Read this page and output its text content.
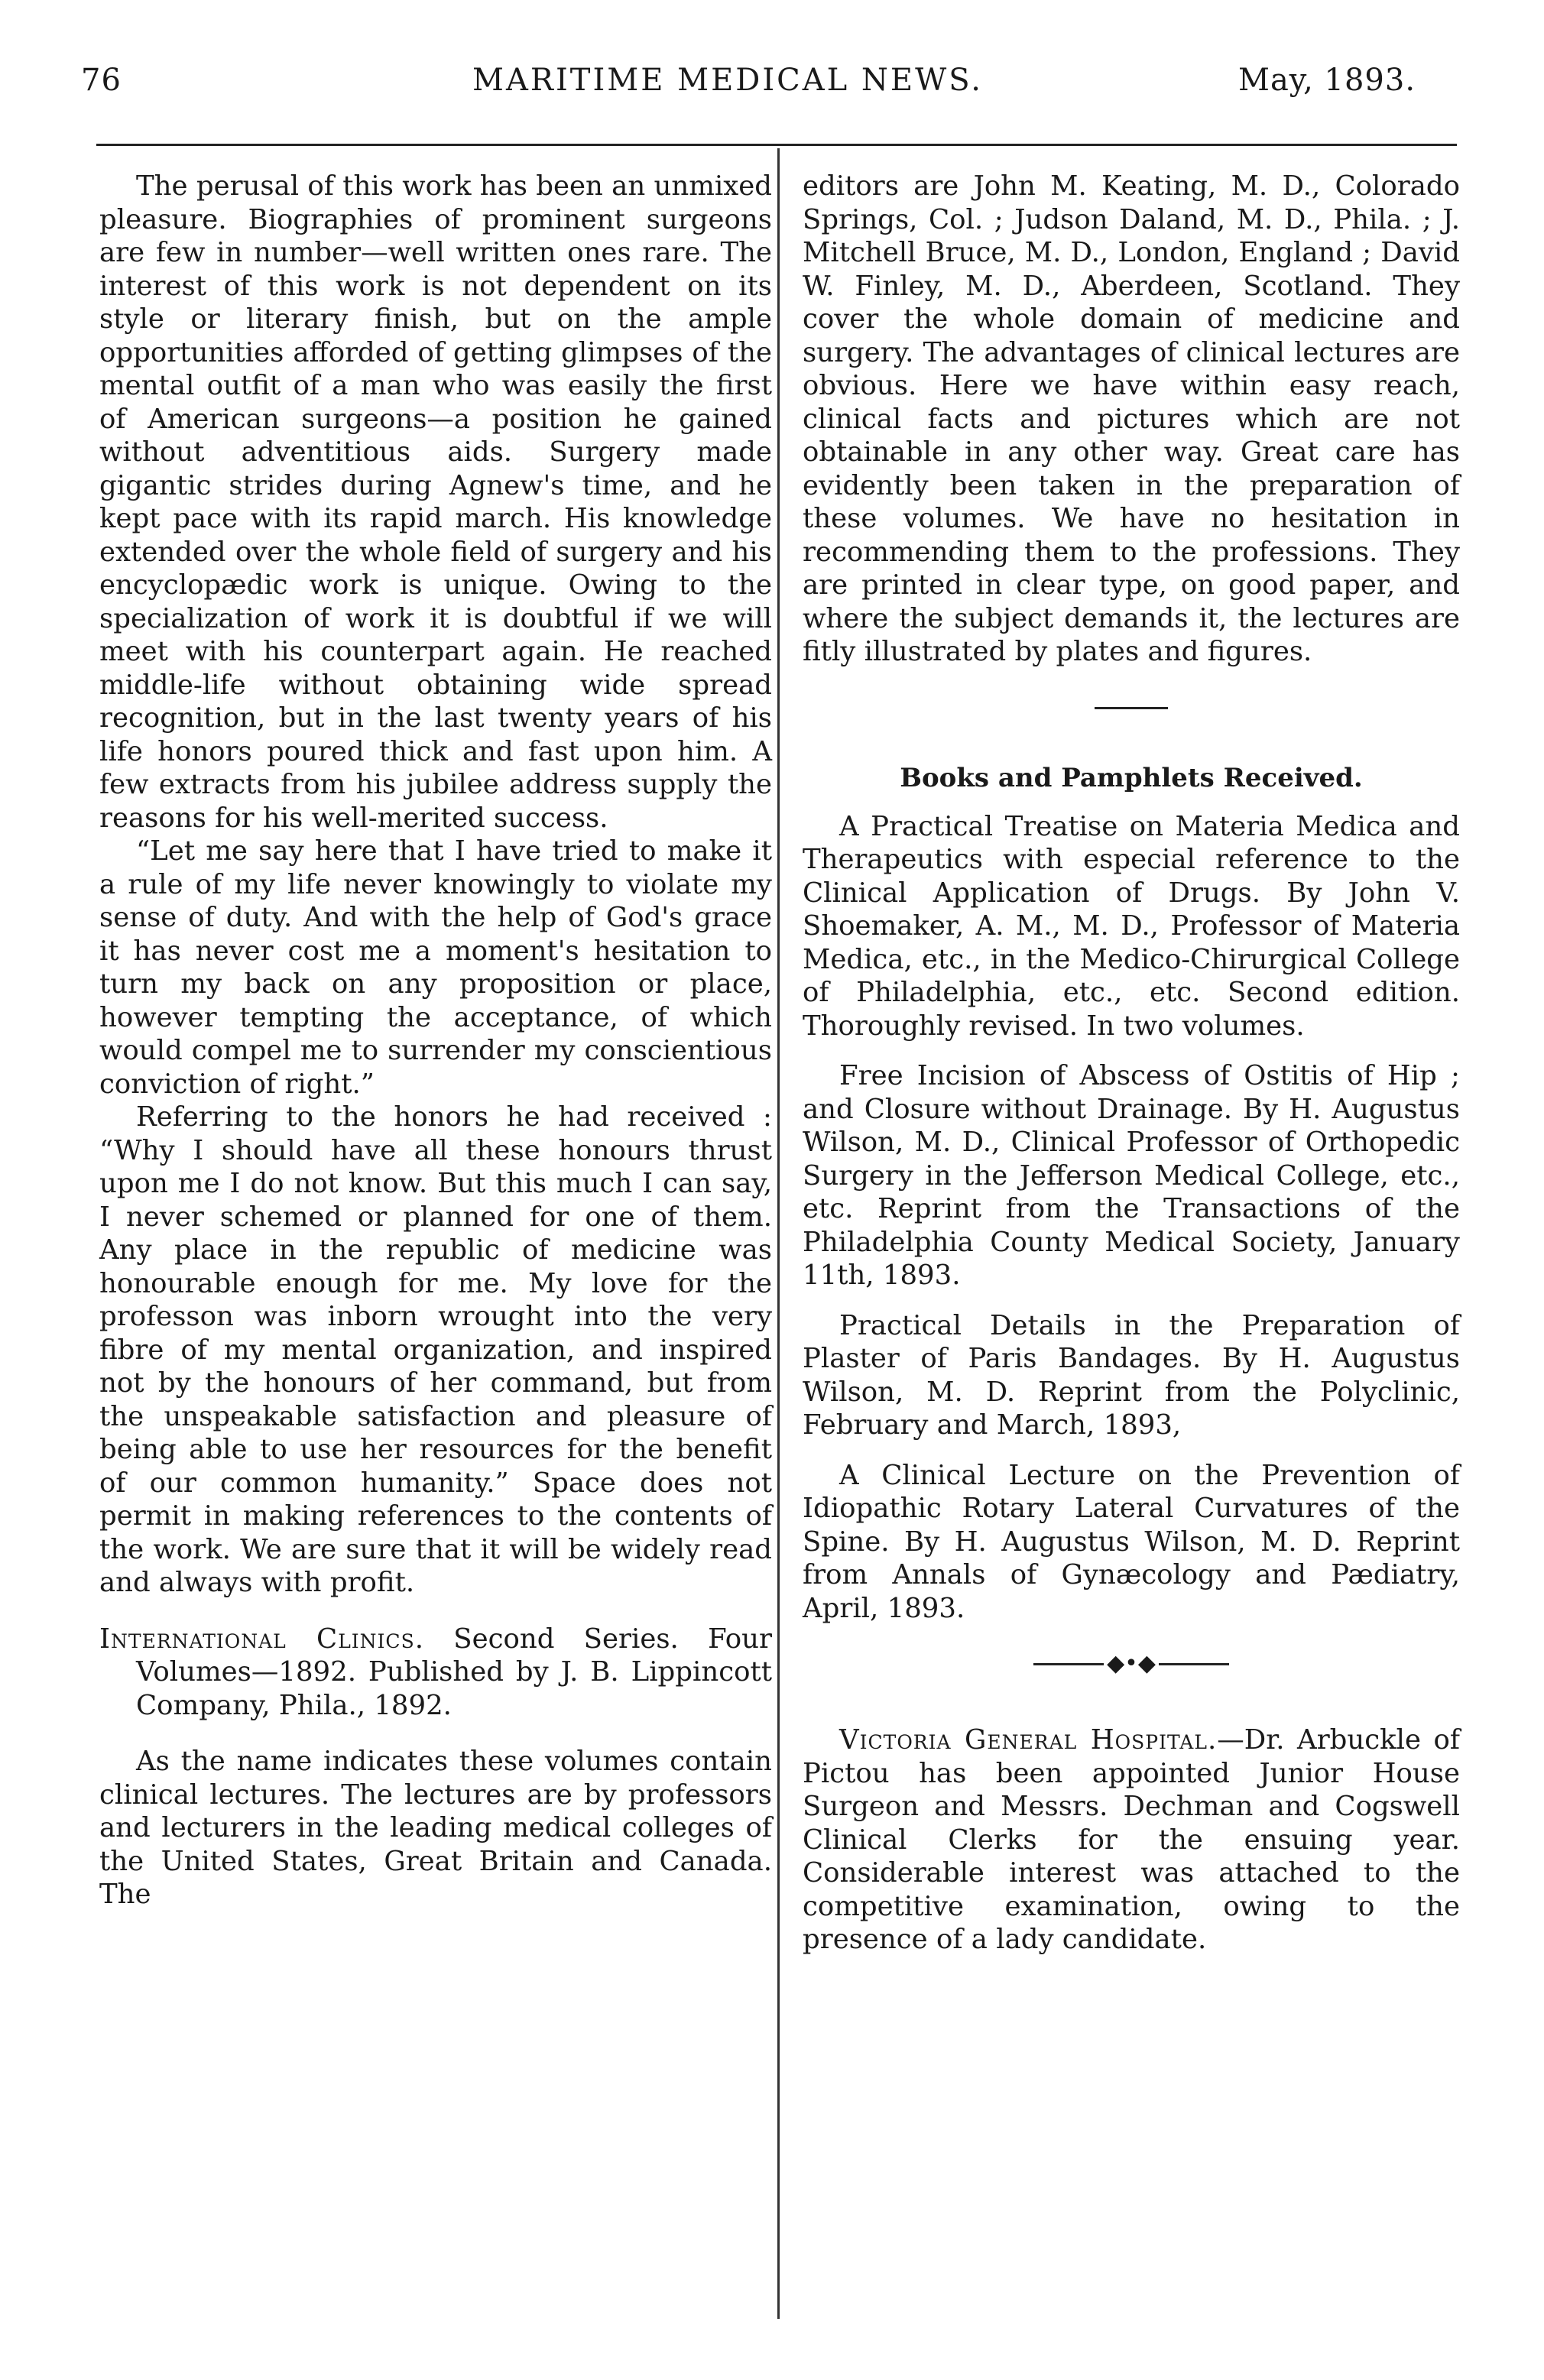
76	MARITIME MEDICAL NEWS.	May, 1893.

The perusal of this work has been an unmixed pleasure. Biographies of prominent surgeons are few in number—well written ones rare. The interest of this work is not dependent on its style or literary finish, but on the ample opportunities afforded of getting glimpses of the mental outfit of a man who was easily the first of American surgeons—a position he gained without adventitious aids. Surgery made gigantic strides during Agnew's time, and he kept pace with its rapid march. His knowledge extended over the whole field of surgery and his encyclopædic work is unique. Owing to the specialization of work it is doubtful if we will meet with his counterpart again. He reached middle-life without obtaining wide spread recognition, but in the last twenty years of his life honors poured thick and fast upon him. A few extracts from his jubilee address supply the reasons for his well-merited success.

“Let me say here that I have tried to make it a rule of my life never knowingly to violate my sense of duty. And with the help of God's grace it has never cost me a moment's hesitation to turn my back on any proposition or place, however tempting the acceptance, of which would compel me to surrender my conscientious conviction of right.”

Referring to the honors he had received : “Why I should have all these honours thrust upon me I do not know. But this much I can say, I never schemed or planned for one of them. Any place in the republic of medicine was honourable enough for me. My love for the professon was inborn wrought into the very fibre of my mental organization, and inspired not by the honours of her command, but from the unspeakable satisfaction and pleasure of being able to use her resources for the benefit of our common humanity.” Space does not permit in making references to the contents of the work. We are sure that it will be widely read and always with profit.

International Clinics. Second Series. Four Volumes—1892. Published by J. B. Lippincott Company, Phila., 1892.

As the name indicates these volumes contain clinical lectures. The lectures are by professors and lecturers in the leading medical colleges of the United States, Great Britain and Canada. The

editors are John M. Keating, M. D., Colorado Springs, Col. ; Judson Daland, M. D., Phila. ; J. Mitchell Bruce, M. D., London, England ; David W. Finley, M. D., Aberdeen, Scotland. They cover the whole domain of medicine and surgery. The advantages of clinical lectures are obvious. Here we have within easy reach, clinical facts and pictures which are not obtainable in any other way. Great care has evidently been taken in the preparation of these volumes. We have no hesitation in recommending them to the professions. They are printed in clear type, on good paper, and where the subject demands it, the lectures are fitly illustrated by plates and figures.

Books and Pamphlets Received.

A Practical Treatise on Materia Medica and Therapeutics with especial reference to the Clinical Application of Drugs. By John V. Shoemaker, A. M., M. D., Professor of Materia Medica, etc., in the Medico-Chirurgical College of Philadelphia, etc., etc. Second edition. Thoroughly revised. In two volumes.

Free Incision of Abscess of Ostitis of Hip ; and Closure without Drainage. By H. Augustus Wilson, M. D., Clinical Professor of Orthopedic Surgery in the Jefferson Medical College, etc., etc. Reprint from the Transactions of the Philadelphia County Medical Society, January 11th, 1893.

Practical Details in the Preparation of Plaster of Paris Bandages. By H. Augustus Wilson, M. D. Reprint from the Polyclinic, February and March, 1893,

A Clinical Lecture on the Prevention of Idiopathic Rotary Lateral Curvatures of the Spine. By H. Augustus Wilson, M. D. Reprint from Annals of Gynæcology and Pædiatry, April, 1893.

◆•◆

Victoria General Hospital.—Dr. Arbuckle of Pictou has been appointed Junior House Surgeon and Messrs. Dechman and Cogswell Clinical Clerks for the ensuing year. Considerable interest was attached to the competitive examination, owing to the presence of a lady candidate.
